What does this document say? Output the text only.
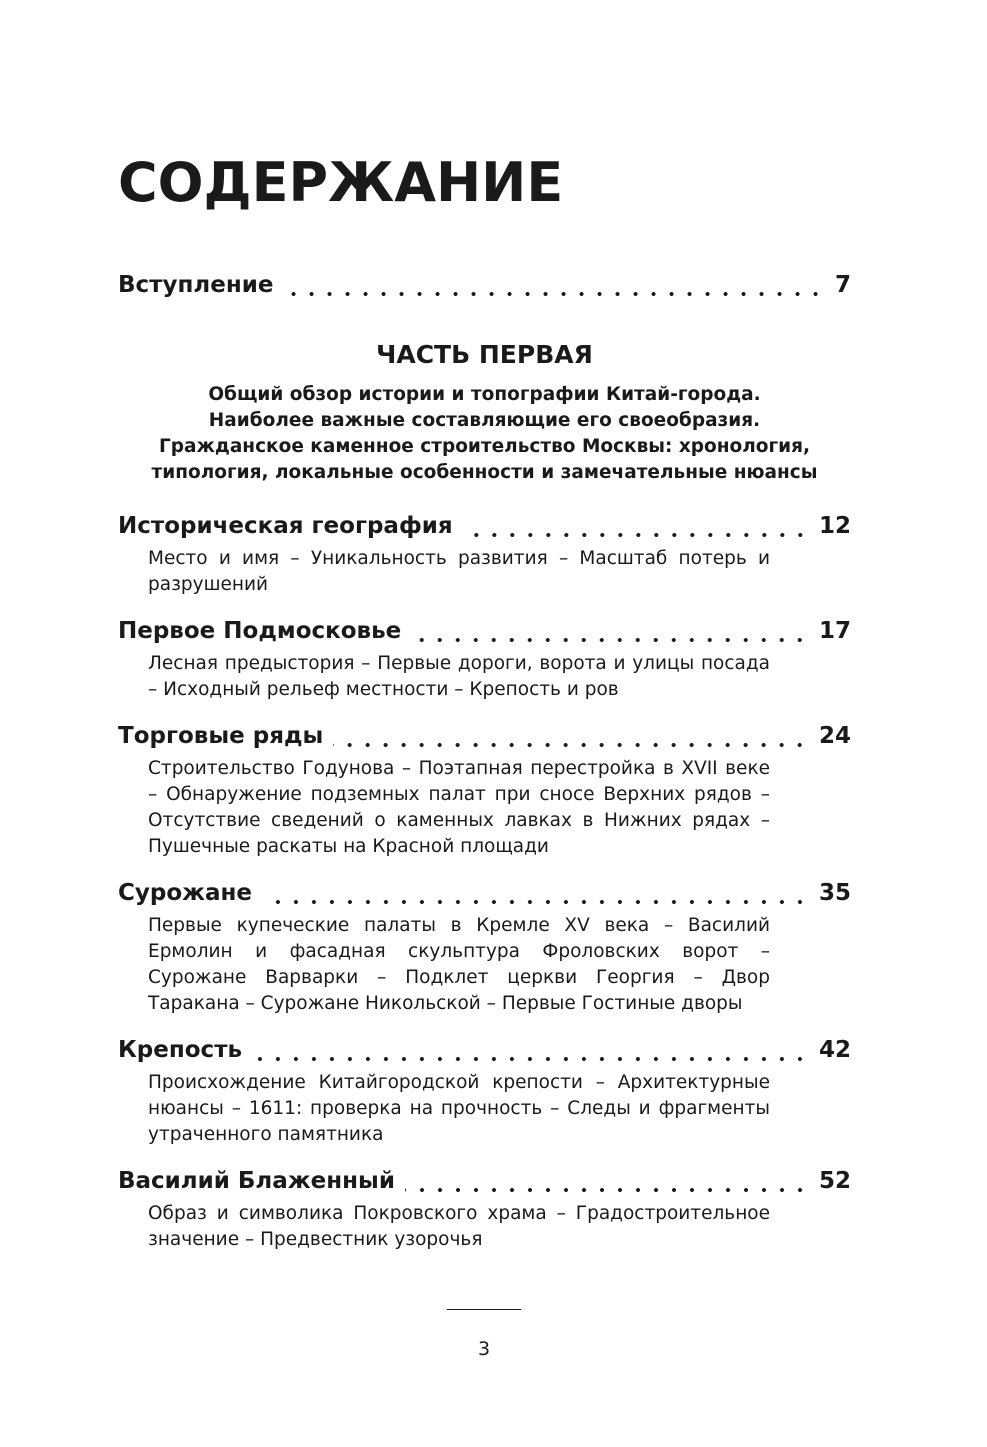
СОДЕРЖАНИЕ
Вступление	7
ЧАСТЬ ПЕРВАЯ
Общий обзор истории и топографии Китай-города.
Наиболее важные составляющие его своеобразия.
Гражданское каменное строительство Москвы: хронология,
типология, локальные особенности и замечательные нюансы
Историческая география	12

Место и имя – Уникальность развития – Масштаб потерь и разрушений

Первое Подмосковье	17

Лесная предыстория – Первые дороги, ворота и улицы посада – Исходный рельеф местности – Крепость и ров

Торговые ряды	24

Строительство Годунова – Поэтапная перестройка в XVII веке – Обнаружение подземных палат при сносе Верхних рядов – Отсутствие сведений о каменных лавках в Нижних рядах – Пушечные раскаты на Красной площади

Сурожане	35

Первые купеческие палаты в Кремле XV века – Василий Ермолин и фасадная скульптура Фроловских ворот – Сурожане Варварки – Подклет церкви Георгия – Двор Таракана – Сурожане Никольской – Первые Гостиные дворы

Крепость	42

Происхождение Китайгородской крепости – Архитектурные нюансы – 1611: проверка на прочность – Следы и фрагменты утраченного памятника

Василий Блаженный	52

Образ и символика Покровского храма – Градостроительное значение – Предвестник узорочья

3
